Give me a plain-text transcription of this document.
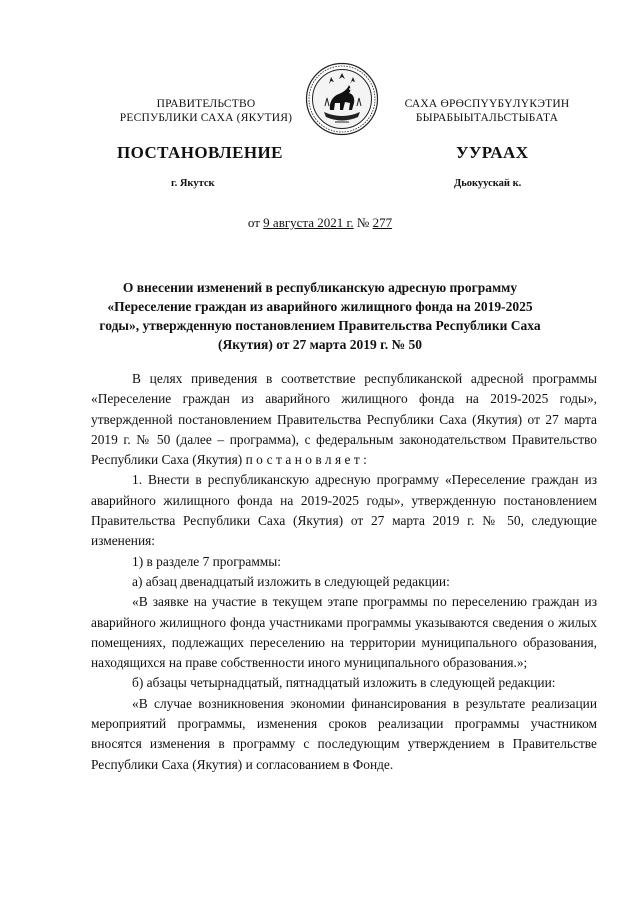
ПРАВИТЕЛЬСТВО
РЕСПУБЛИКИ САХА (ЯКУТИЯ)
САХА ӨРӨСПҮҮБҮЛҮКЭТИН
БЫРАБЫЫТАЛЬСТЫБАТА
ПОСТАНОВЛЕНИЕ	УУРААХ
г. Якутск	Дьокуускай к.
от 9 августа 2021 г. № 277
О внесении изменений в республиканскую адресную программу «Переселение граждан из аварийного жилищного фонда на 2019-2025 годы», утвержденную постановлением Правительства Республики Саха (Якутия) от 27 марта 2019 г. № 50

В целях приведения в соответствие республиканской адресной программы «Переселение граждан из аварийного жилищного фонда на 2019-2025 годы», утвержденной постановлением Правительства Республики Саха (Якутия) от 27 марта 2019 г. № 50 (далее – программа), с федеральным законодательством Правительство Республики Саха (Якутия) постановляет:

1. Внести в республиканскую адресную программу «Переселение граждан из аварийного жилищного фонда на 2019-2025 годы», утвержденную постановлением Правительства Республики Саха (Якутия) от 27 марта 2019 г. № 50, следующие изменения:

1) в разделе 7 программы:

а) абзац двенадцатый изложить в следующей редакции:

«В заявке на участие в текущем этапе программы по переселению граждан из аварийного жилищного фонда участниками программы указываются сведения о жилых помещениях, подлежащих переселению на территории муниципального образования, находящихся на праве собственности иного муниципального образования.»;

б) абзацы четырнадцатый, пятнадцатый изложить в следующей редакции:

«В случае возникновения экономии финансирования в результате реализации мероприятий программы, изменения сроков реализации программы участником вносятся изменения в программу с последующим утверждением в Правительстве Республики Саха (Якутия) и согласованием в Фонде.
